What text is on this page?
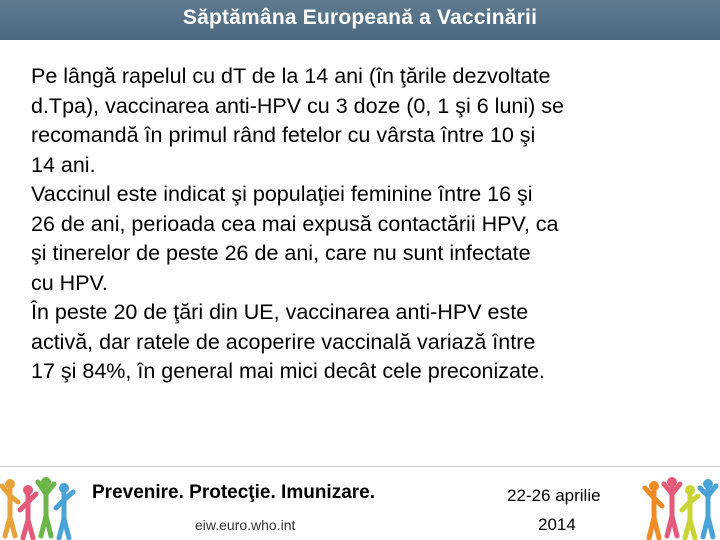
Săptămâna Europeană a Vaccinării

Pe lângă rapelul cu dT de la 14 ani (în ţările dezvoltate
d.Tpa), vaccinarea anti-HPV cu 3 doze (0, 1 şi 6 luni) se
recomandă în primul rând fetelor cu vârsta între 10 şi
14 ani.

Vaccinul este indicat şi populaţiei feminine între 16 şi
26 de ani, perioada cea mai expusă contactării HPV, ca
şi tinerelor de peste 26 de ani, care nu sunt infectate
cu HPV.

În peste 20 de ţări din UE, vaccinarea anti-HPV este
activă, dar ratele de acoperire vaccinală variază între
17 şi 84%, în general mai mici decât cele preconizate.

Prevenire. Protecţie. Imunizare.
eiw.euro.who.int
22-26 aprilie
2014
